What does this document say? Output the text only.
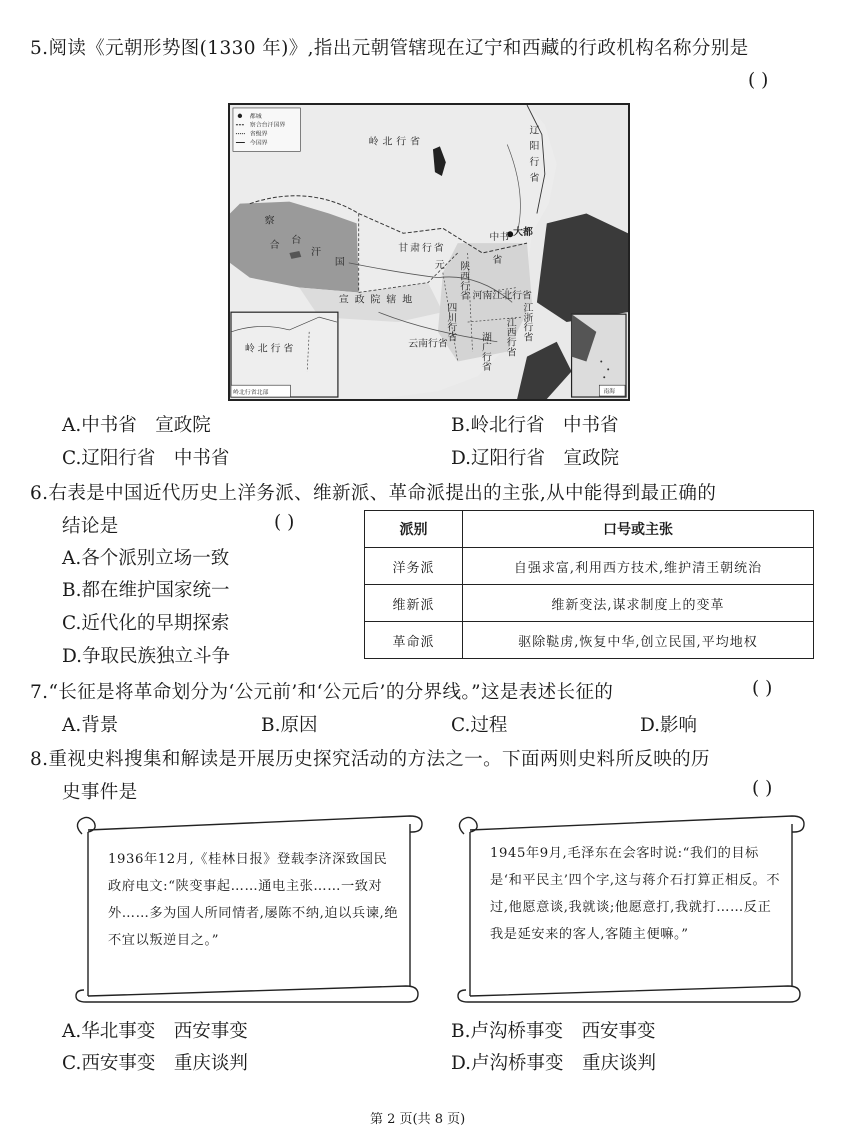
5.阅读《元朝形势图(1330 年)》,指出元朝管辖现在辽宁和西藏的行政机构名称分别是
( )
都城
察合台汗国界
省级界
今国界	岭北行省	辽阳行省
察
合 台
汗
国
甘肃行省
元
中书
省
大都
陕西行省
宣政院辖地	河南江北行省
四川行省	江浙行省
江西行省
湖广行省
云南行省
岭北行省
岭北行省北部	南海
A.中书省　宣政院	B.岭北行省　中书省
C.辽阳行省　中书省	D.辽阳行省　宣政院
6.右表是中国近代历史上洋务派、维新派、革命派提出的主张,从中能得到最正确的
结论是	( )
A.各个派别立场一致
B.都在维护国家统一
C.近代化的早期探索
D.争取民族独立斗争
派别	口号或主张
洋务派	自强求富,利用西方技术,维护清王朝统治
维新派	维新变法,谋求制度上的变革
革命派	驱除鞑虏,恢复中华,创立民国,平均地权
7.“长征是将革命划分为‘公元前’和‘公元后’的分界线。”这是表述长征的	( )
A.背景	B.原因	C.过程	D.影响
8.重视史料搜集和解读是开展历史探究活动的方法之一。下面两则史料所反映的历
史事件是	( )
1936年12月,《桂林日报》登载李济深致国民政府电文:“陕变事起……通电主张……一致对外……多为国人所同情者,屡陈不纳,迫以兵谏,绝不宜以叛逆目之。”
1945年9月,毛泽东在会客时说:“我们的目标是‘和平民主’四个字,这与蒋介石打算正相反。不过,他愿意谈,我就谈;他愿意打,我就打……反正我是延安来的客人,客随主便嘛。”
A.华北事变　西安事变	B.卢沟桥事变　西安事变
C.西安事变　重庆谈判	D.卢沟桥事变　重庆谈判
第 2 页(共 8 页)
